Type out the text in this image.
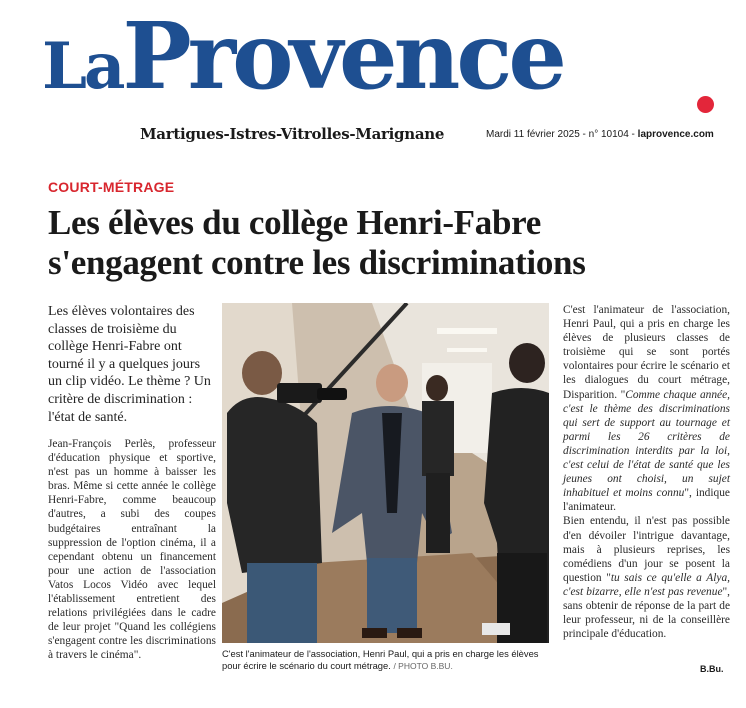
LaProvence
Martigues-Istres-Vitrolles-Marignane	Mardi 11 février 2025 - n° 10104 - laprovence.com
COURT-MÉTRAGE
Les élèves du collège Henri-Fabre
s'engagent contre les discriminations

Les élèves volontaires des classes de troisième du collège Henri-Fabre ont tourné il y a quelques jours un clip vidéo. Le thème ? Un critère de discrimination : l'état de santé.

Jean-François Perlès, professeur d'éducation physique et sportive, n'est pas un homme à baisser les bras. Même si cette année le collège Henri-Fabre, comme beaucoup d'autres, a subi des coupes budgétaires entraînant la suppression de l'option cinéma, il a cependant obtenu un financement pour une action de l'association Vatos Locos Vidéo avec lequel l'établissement entretient des relations privilégiées dans le cadre de leur projet "Quand les collégiens s'engagent contre les discriminations à travers le cinéma".	C'est l'animateur de l'association, Henri Paul, qui a pris en charge les élèves pour écrire le scénario du court métrage. / PHOTO B.BU.

C'est l'animateur de l'association, Henri Paul, qui a pris en charge les élèves de plusieurs classes de troisième qui se sont portés volontaires pour écrire le scénario et les dialogues du court métrage, Disparition. "Comme chaque année, c'est le thème des discriminations qui sert de support au tournage et parmi les 26 critères de discrimination interdits par la loi, c'est celui de l'état de santé que les jeunes ont choisi, un sujet inhabituel et moins connu", indique l'animateur.

Bien entendu, il n'est pas possible d'en dévoiler l'intrigue davantage, mais à plusieurs reprises, les comédiens d'un jour se posent la question "tu sais ce qu'elle a Alya, c'est bizarre, elle n'est pas revenue", sans obtenir de réponse de la part de leur professeur, ni de la conseillère principale d'éducation.

B.Bu.
